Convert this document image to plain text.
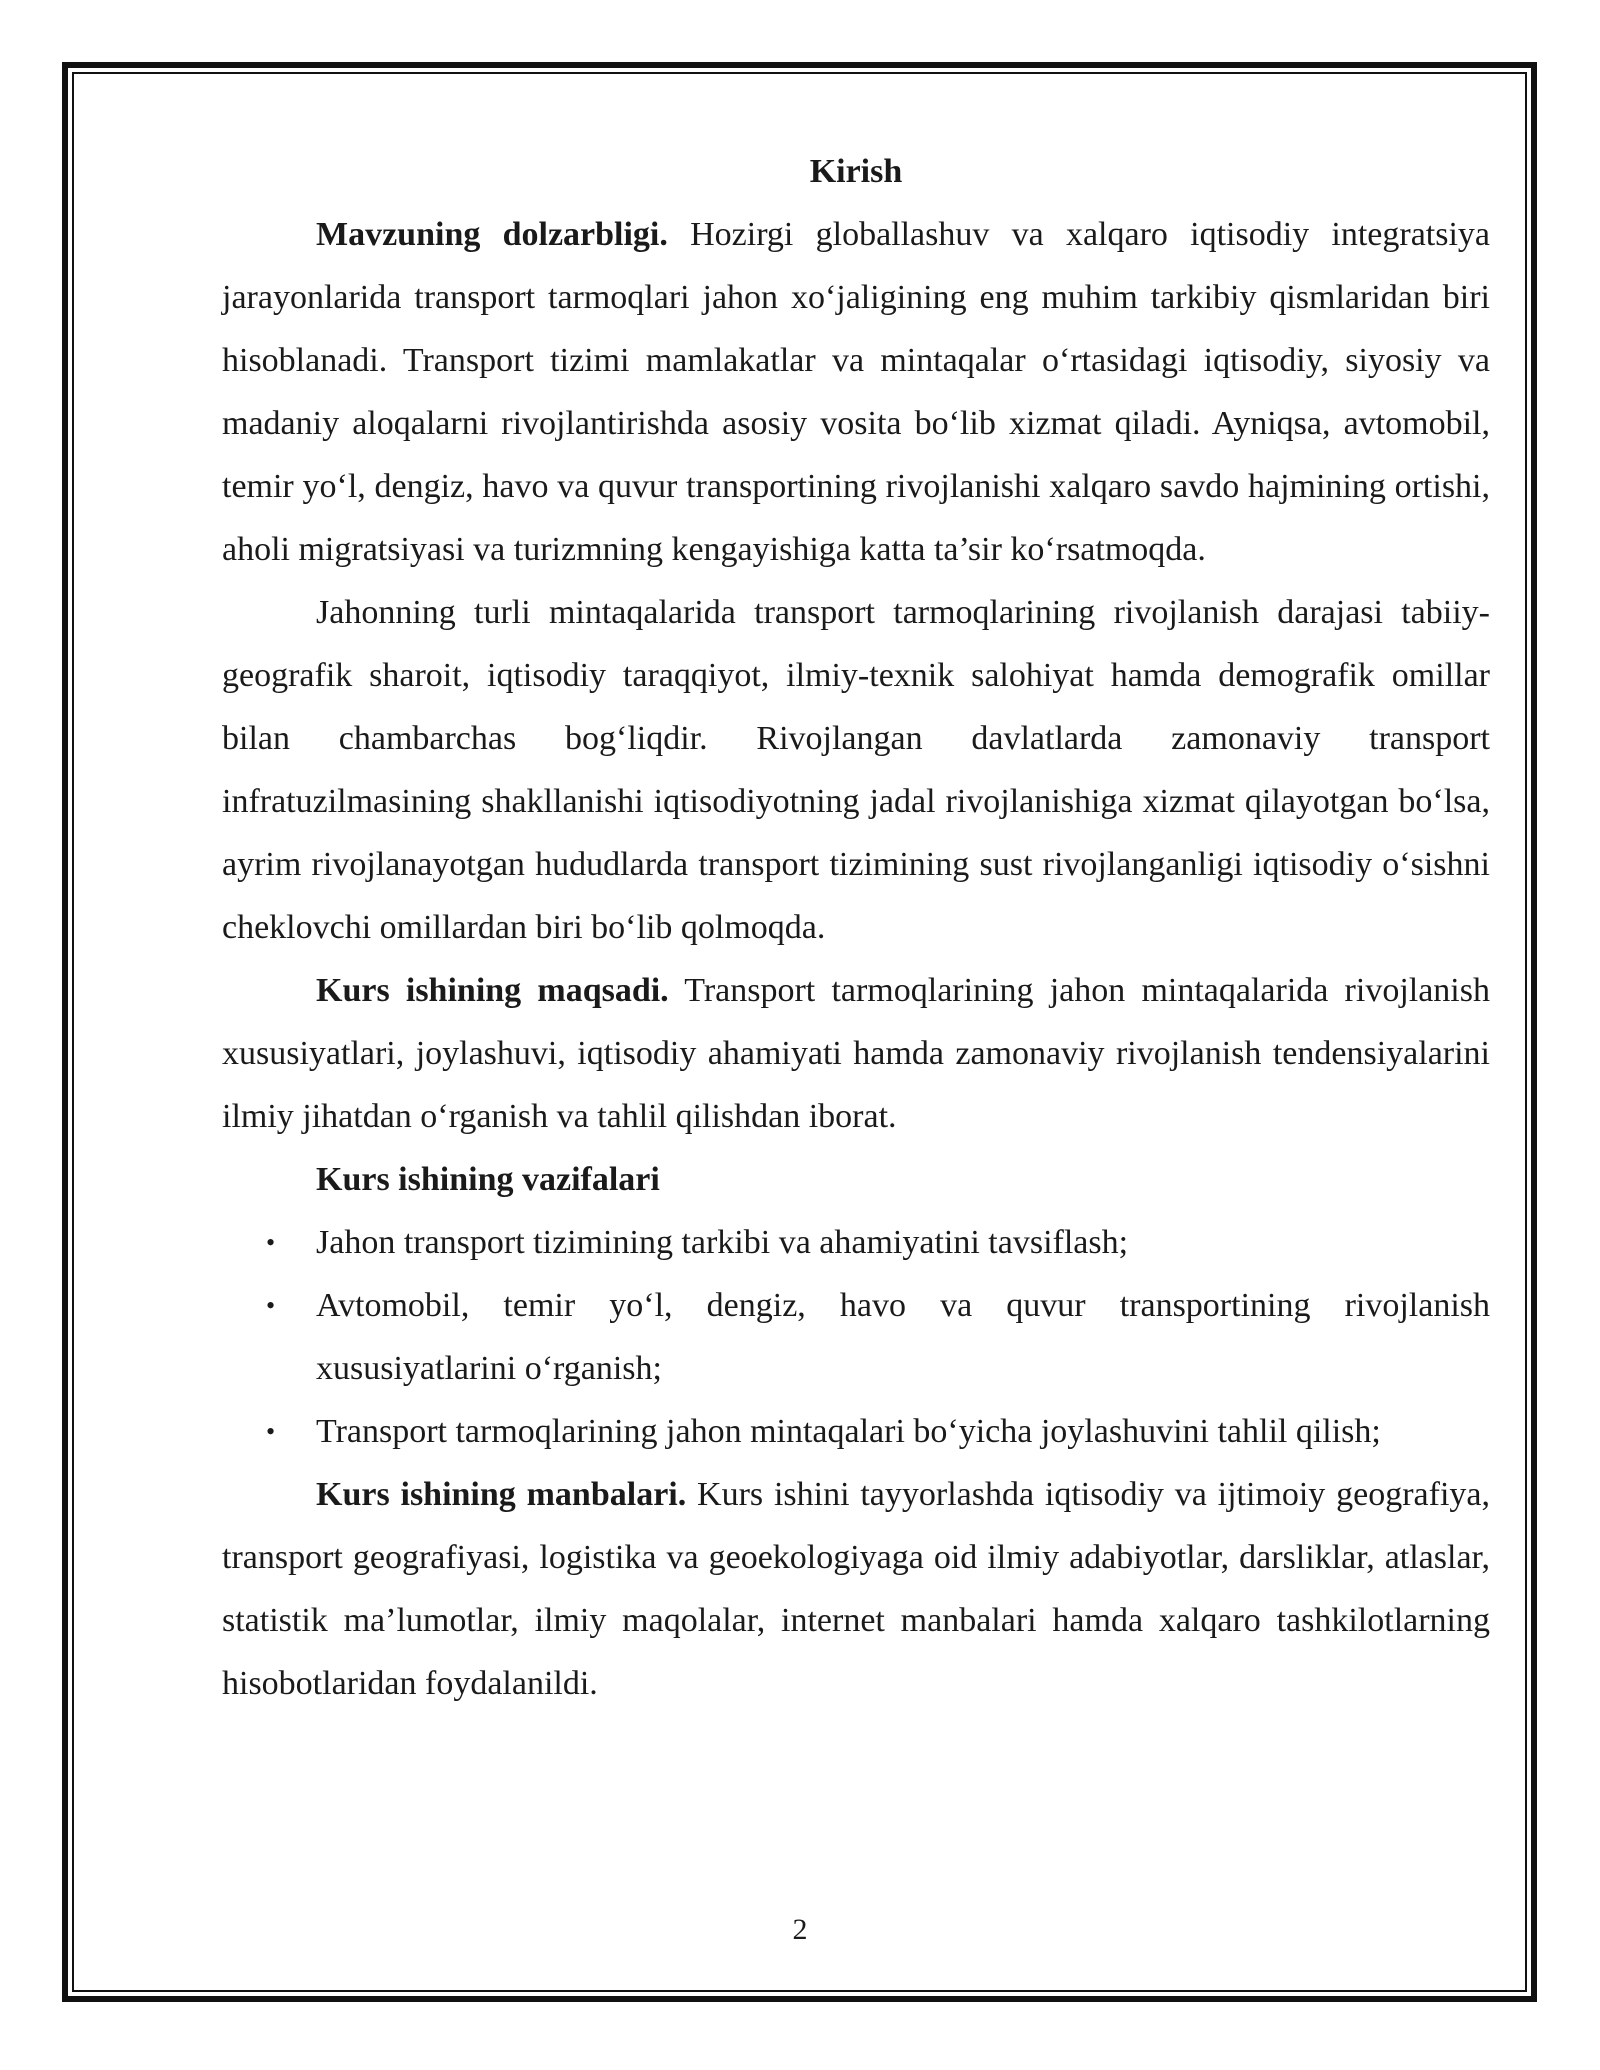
Kirish

Mavzuning dolzarbligi. Hozirgi globallashuv va xalqaro iqtisodiy integratsiya jarayonlarida transport tarmoqlari jahon xo‘jaligining eng muhim tarkibiy qismlaridan biri hisoblanadi. Transport tizimi mamlakatlar va mintaqalar o‘rtasidagi iqtisodiy, siyosiy va madaniy aloqalarni rivojlantirishda asosiy vosita bo‘lib xizmat qiladi. Ayniqsa, avtomobil, temir yo‘l, dengiz, havo va quvur transportining rivojlanishi xalqaro savdo hajmining ortishi, aholi migratsiyasi va turizmning kengayishiga katta ta’sir ko‘rsatmoqda.

Jahonning turli mintaqalarida transport tarmoqlarining rivojlanish darajasi tabiiy-geografik sharoit, iqtisodiy taraqqiyot, ilmiy-texnik salohiyat hamda demografik omillar bilan chambarchas bog‘liqdir. Rivojlangan davlatlarda zamonaviy transport infratuzilmasining shakllanishi iqtisodiyotning jadal rivojlanishiga xizmat qilayotgan bo‘lsa, ayrim rivojlanayotgan hududlarda transport tizimining sust rivojlanganligi iqtisodiy o‘sishni cheklovchi omillardan biri bo‘lib qolmoqda.

Kurs ishining maqsadi. Transport tarmoqlarining jahon mintaqalarida rivojlanish xususiyatlari, joylashuvi, iqtisodiy ahamiyati hamda zamonaviy rivojlanish tendensiyalarini ilmiy jihatdan o‘rganish va tahlil qilishdan iborat.

Kurs ishining vazifalari

• Jahon transport tizimining tarkibi va ahamiyatini tavsiflash;
• Avtomobil, temir yo‘l, dengiz, havo va quvur transportining rivojlanish xususiyatlarini o‘rganish;
• Transport tarmoqlarining jahon mintaqalari bo‘yicha joylashuvini tahlil qilish;

Kurs ishining manbalari. Kurs ishini tayyorlashda iqtisodiy va ijtimoiy geografiya, transport geografiyasi, logistika va geoekologiyaga oid ilmiy adabiyotlar, darsliklar, atlaslar, statistik ma’lumotlar, ilmiy maqolalar, internet manbalari hamda xalqaro tashkilotlarning hisobotlaridan foydalanildi.

2
